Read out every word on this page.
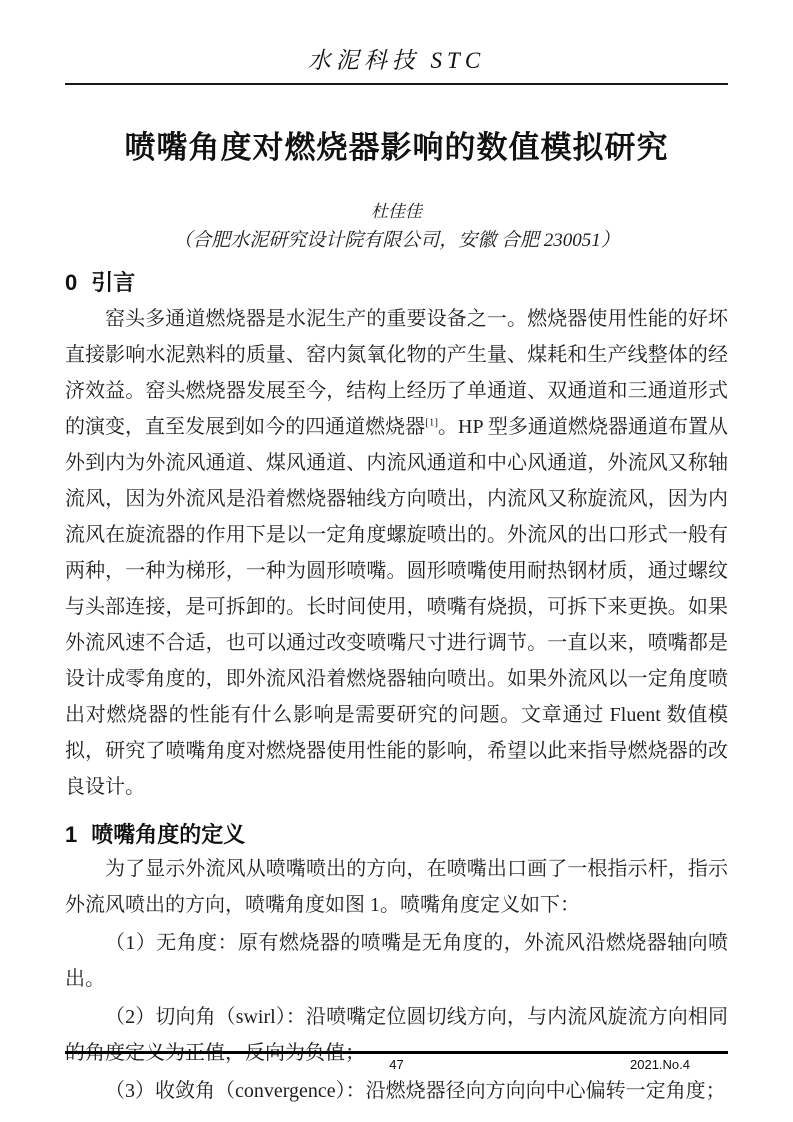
水泥科技 STC
喷嘴角度对燃烧器影响的数值模拟研究
杜佳佳
（合肥水泥研究设计院有限公司，安徽 合肥 230051）
0 引言

窑头多通道燃烧器是水泥生产的重要设备之一。燃烧器使用性能的好坏直接影响水泥熟料的质量、窑内氮氧化物的产生量、煤耗和生产线整体的经济效益。窑头燃烧器发展至今，结构上经历了单通道、双通道和三通道形式的演变，直至发展到如今的四通道燃烧器[1]。HP 型多通道燃烧器通道布置从外到内为外流风通道、煤风通道、内流风通道和中心风通道，外流风又称轴流风，因为外流风是沿着燃烧器轴线方向喷出，内流风又称旋流风，因为内流风在旋流器的作用下是以一定角度螺旋喷出的。外流风的出口形式一般有两种，一种为梯形，一种为圆形喷嘴。圆形喷嘴使用耐热钢材质，通过螺纹与头部连接，是可拆卸的。长时间使用，喷嘴有烧损，可拆下来更换。如果外流风速不合适，也可以通过改变喷嘴尺寸进行调节。一直以来，喷嘴都是设计成零角度的，即外流风沿着燃烧器轴向喷出。如果外流风以一定角度喷出对燃烧器的性能有什么影响是需要研究的问题。文章通过 Fluent 数值模拟，研究了喷嘴角度对燃烧器使用性能的影响，希望以此来指导燃烧器的改良设计。

1 喷嘴角度的定义

为了显示外流风从喷嘴喷出的方向，在喷嘴出口画了一根指示杆，指示外流风喷出的方向，喷嘴角度如图 1。喷嘴角度定义如下：

（1）无角度：原有燃烧器的喷嘴是无角度的，外流风沿燃烧器轴向喷出。

（2）切向角（swirl）：沿喷嘴定位圆切线方向，与内流风旋流方向相同的角度定义为正值，反向为负值；

（3）收敛角（convergence）：沿燃烧器径向方向向中心偏转一定角度；

47	2021.No.4
